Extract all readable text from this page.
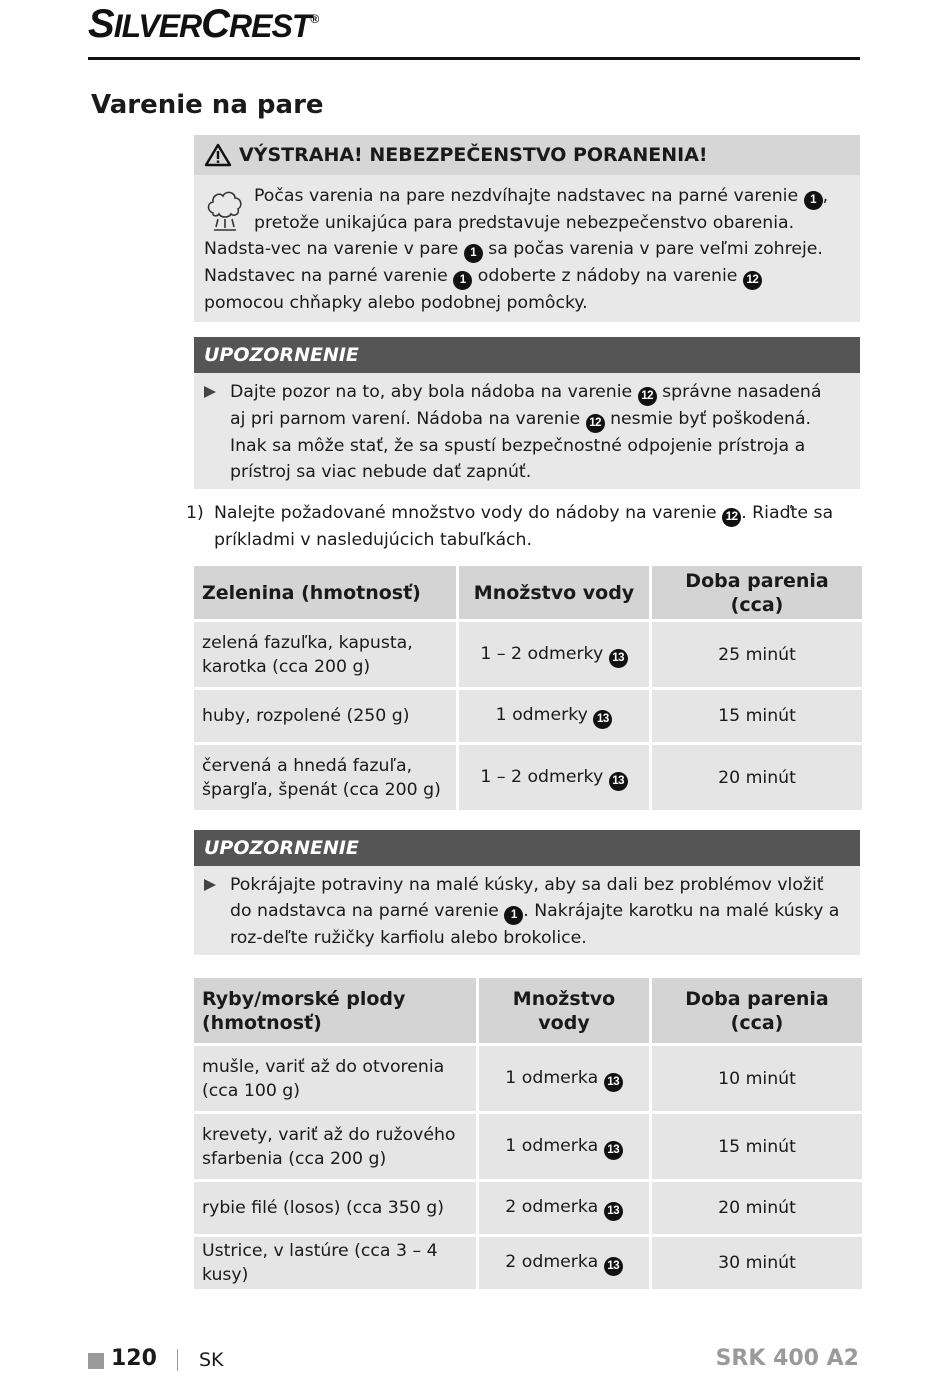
SILVERCREST®
Varenie na pare
VÝSTRAHA! NEBEZPEČENSTVO PORANENIA!
Počas varenia na pare nezdvíhajte nadstavec na parné varenie 1 , pretože unikajúca para predstavuje nebezpečenstvo obarenia. Nadsta-vec na varenie v pare 1 sa počas varenia v pare veľmi zohreje. Nadstavec na parné varenie 1 odoberte z nádoby na varenie 12 pomocou chňapky alebo podobnej pomôcky.
UPOZORNENIE
Dajte pozor na to, aby bola nádoba na varenie 12 správne nasadená aj pri parnom varení. Nádoba na varenie 12 nesmie byť poškodená. Inak sa môže stať, že sa spustí bezpečnostné odpojenie prístroja a prístroj sa viac nebude dať zapnúť.
1) Nalejte požadované množstvo vody do nádoby na varenie 12 . Riaďte sa príkladmi v nasledujúcich tabuľkách.
Zelenina (hmotnosť)	Množstvo vody	Doba parenia (cca)
zelená fazuľka, kapusta, karotka (cca 200 g)	1 – 2 odmerky 13	25 minút
huby, rozpolené (250 g)	1 odmerky 13	15 minút
červená a hnedá fazuľa, špargľa, špenát (cca 200 g)	1 – 2 odmerky 13	20 minút
UPOZORNENIE
Pokrájajte potraviny na malé kúsky, aby sa dali bez problémov vložiť do nadstavca na parné varenie 1 . Nakrájajte karotku na malé kúsky a roz-deľte ružičky karfiolu alebo brokolice.
Ryby/morské plody (hmotnosť)	Množstvo vody	Doba parenia (cca)
mušle, variť až do otvorenia (cca 100 g)	1 odmerka 13	10 minút
krevety, variť až do ružového sfarbenia (cca 200 g)	1 odmerka 13	15 minút
rybie filé (losos) (cca 350 g)	2 odmerka 13	20 minút
Ustrice, v lastúre (cca 3 – 4 kusy)	2 odmerka 13	30 minút
120 SK	SRK 400 A2
